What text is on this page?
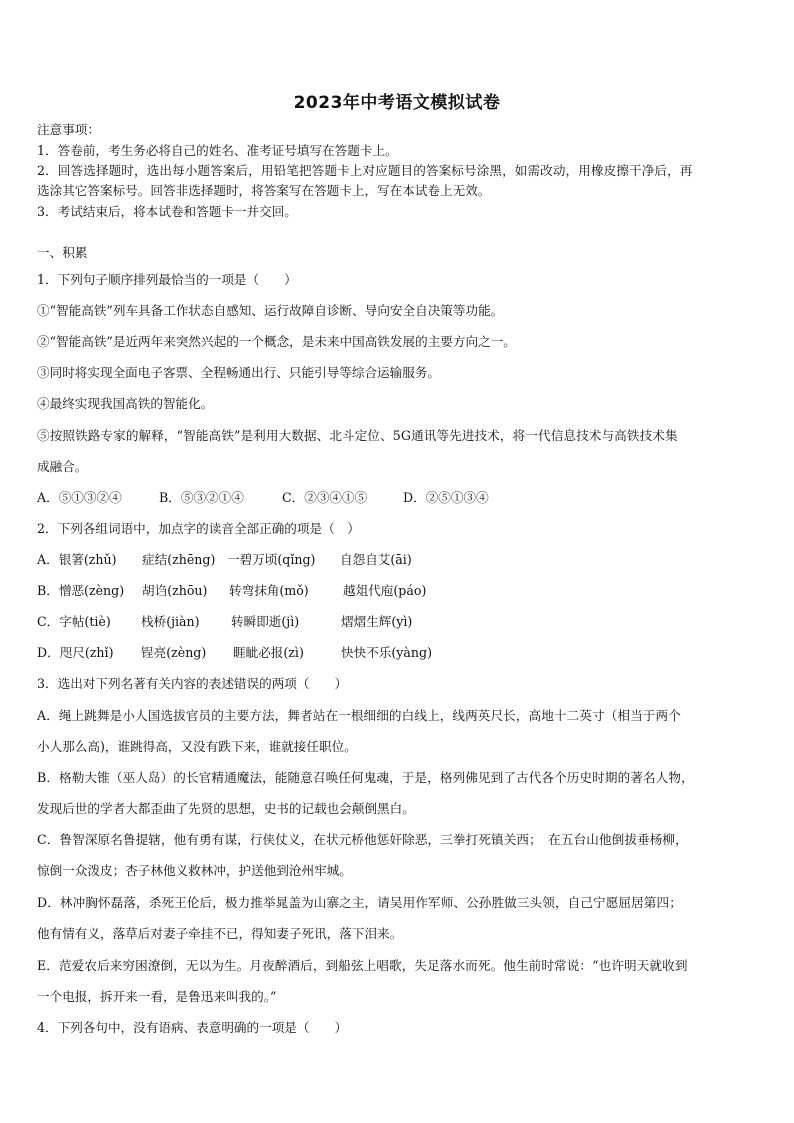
2023年中考语文模拟试卷
注意事项：
1．答卷前，考生务必将自己的姓名、准考证号填写在答题卡上。
2．回答选择题时，选出每小题答案后，用铅笔把答题卡上对应题目的答案标号涂黑，如需改动，用橡皮擦干净后，再
选涂其它答案标号。回答非选择题时，将答案写在答题卡上，写在本试卷上无效。
3．考试结束后，将本试卷和答题卡一并交回。
一、积累
1．下列句子顺序排列最恰当的一项是（　　）
①“智能高铁”列车具备工作状态自感知、运行故障自诊断、导向安全自决策等功能。
②“智能高铁”是近两年来突然兴起的一个概念，是未来中国高铁发展的主要方向之一。
③同时将实现全面电子客票、全程畅通出行、只能引导等综合运输服务。
④最终实现我国高铁的智能化。
⑤按照铁路专家的解释，“智能高铁”是利用大数据、北斗定位、5G通讯等先进技术，将一代信息技术与高铁技术集
成融合。
A．⑤①③②④	B．⑤③②①④	C．②③④①⑤	D．②⑤①③④
2．下列各组词语中，加点字的读音全部正确的项是（　）
A．银箸(zhǔ) 症结(zhēng) 一碧万顷(qǐng) 自怨自艾(āi)
B．憎恶(zèng) 胡诌(zhōu) 转弯抹角(mǒ)	越俎代庖(páo)
C．字帖(tiè) 栈桥(jiàn) 转瞬即逝(jì)	熠熠生辉(yì)
D．咫尺(zhǐ) 锃亮(zèng) 睚眦必报(zì)	快快不乐(yàng)
3．选出对下列名著有关内容的表述错误的两项（　　）
A．绳上跳舞是小人国选拔官员的主要方法，舞者站在一根细细的白线上，线两英尺长，高地十二英寸（相当于两个
小人那么高)，谁跳得高，又没有跌下来，谁就接任职位。
B．格勒大锥（巫人岛）的长官精通魔法，能随意召唤任何鬼魂，于是，格列佛见到了古代各个历史时期的著名人物，
发现后世的学者大都歪曲了先贤的思想，史书的记载也会颠倒黑白。
C．鲁智深原名鲁提辖，他有勇有谋，行侠仗义，在状元桥他惩奸除恶，三拳打死镇关西；　在五台山他倒拔垂杨柳，
惊倒一众泼皮；杏子林他义救林冲，护送他到沧州牢城。
D．林冲胸怀磊落，杀死王伦后，极力推举晁盖为山寨之主，请吴用作军师、公孙胜做三头领，自己宁愿屈居第四；
他有情有义，落草后对妻子牵挂不已，得知妻子死讯，落下泪来。
E．范爱农后来穷困潦倒，无以为生。月夜醉酒后，到船弦上唱歌，失足落水而死。他生前时常说：“也许明天就收到
一个电报，拆开来一看，是鲁迅来叫我的。”
4．下列各句中，没有语病、表意明确的一项是（　　）
